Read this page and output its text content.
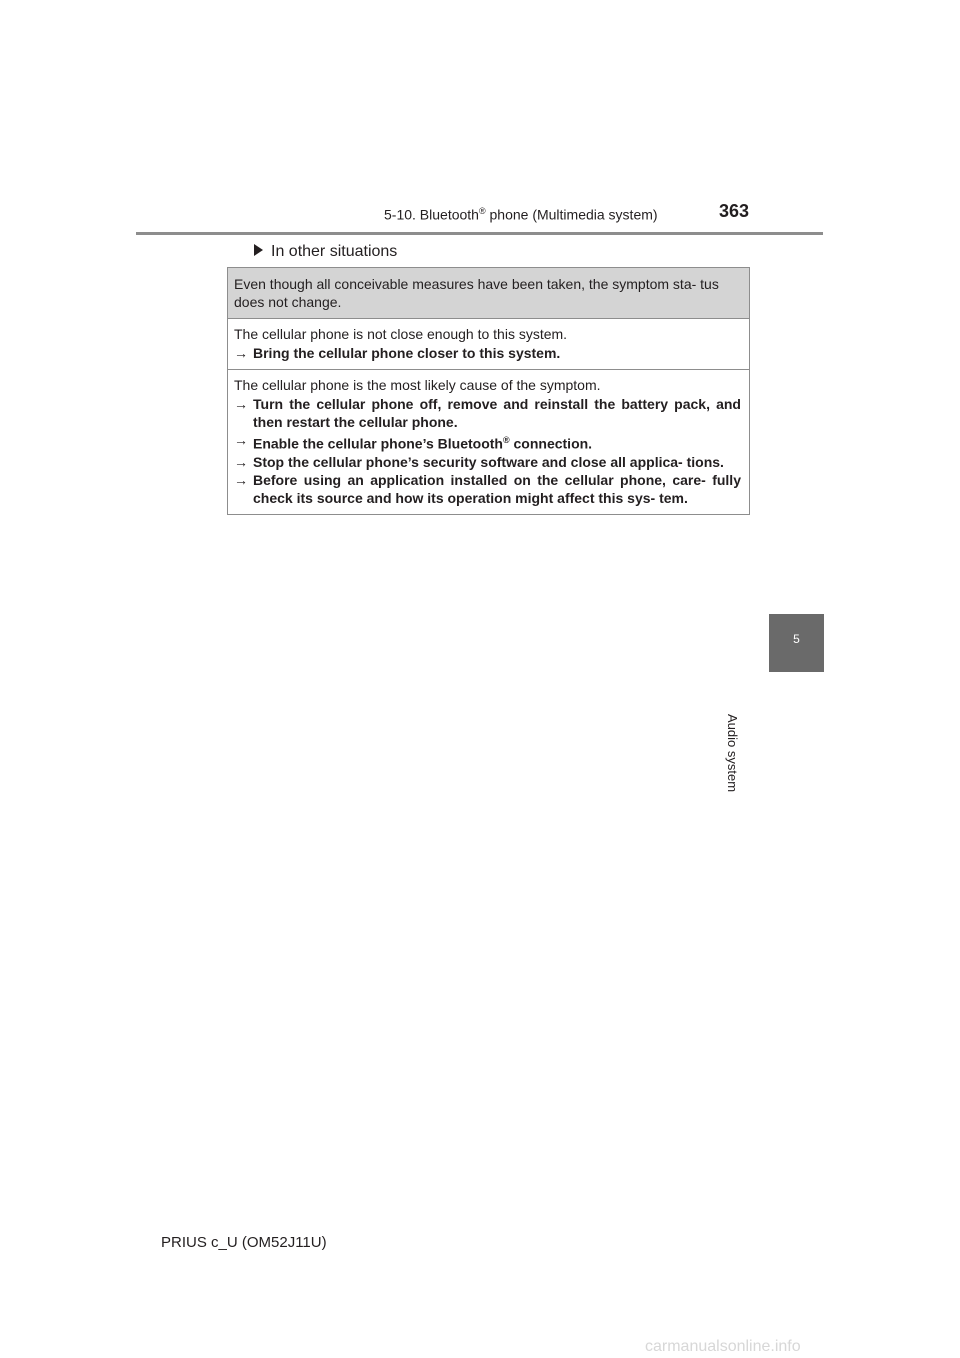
5-10. Bluetooth® phone (Multimedia system)	363
In other situations
Even though all conceivable measures have been taken, the symptom sta- tus does not change.
The cellular phone is not close enough to this system.
→ Bring the cellular phone closer to this system.
The cellular phone is the most likely cause of the symptom.
→ Turn the cellular phone off, remove and reinstall the battery pack, and then restart the cellular phone.
→ Enable the cellular phone’s Bluetooth® connection.
→ Stop the cellular phone’s security software and close all applica- tions.
→ Before using an application installed on the cellular phone, care- fully check its source and how its operation might affect this sys- tem.
5
Audio system
PRIUS c_U (OM52J11U)
carmanualsonline.info
